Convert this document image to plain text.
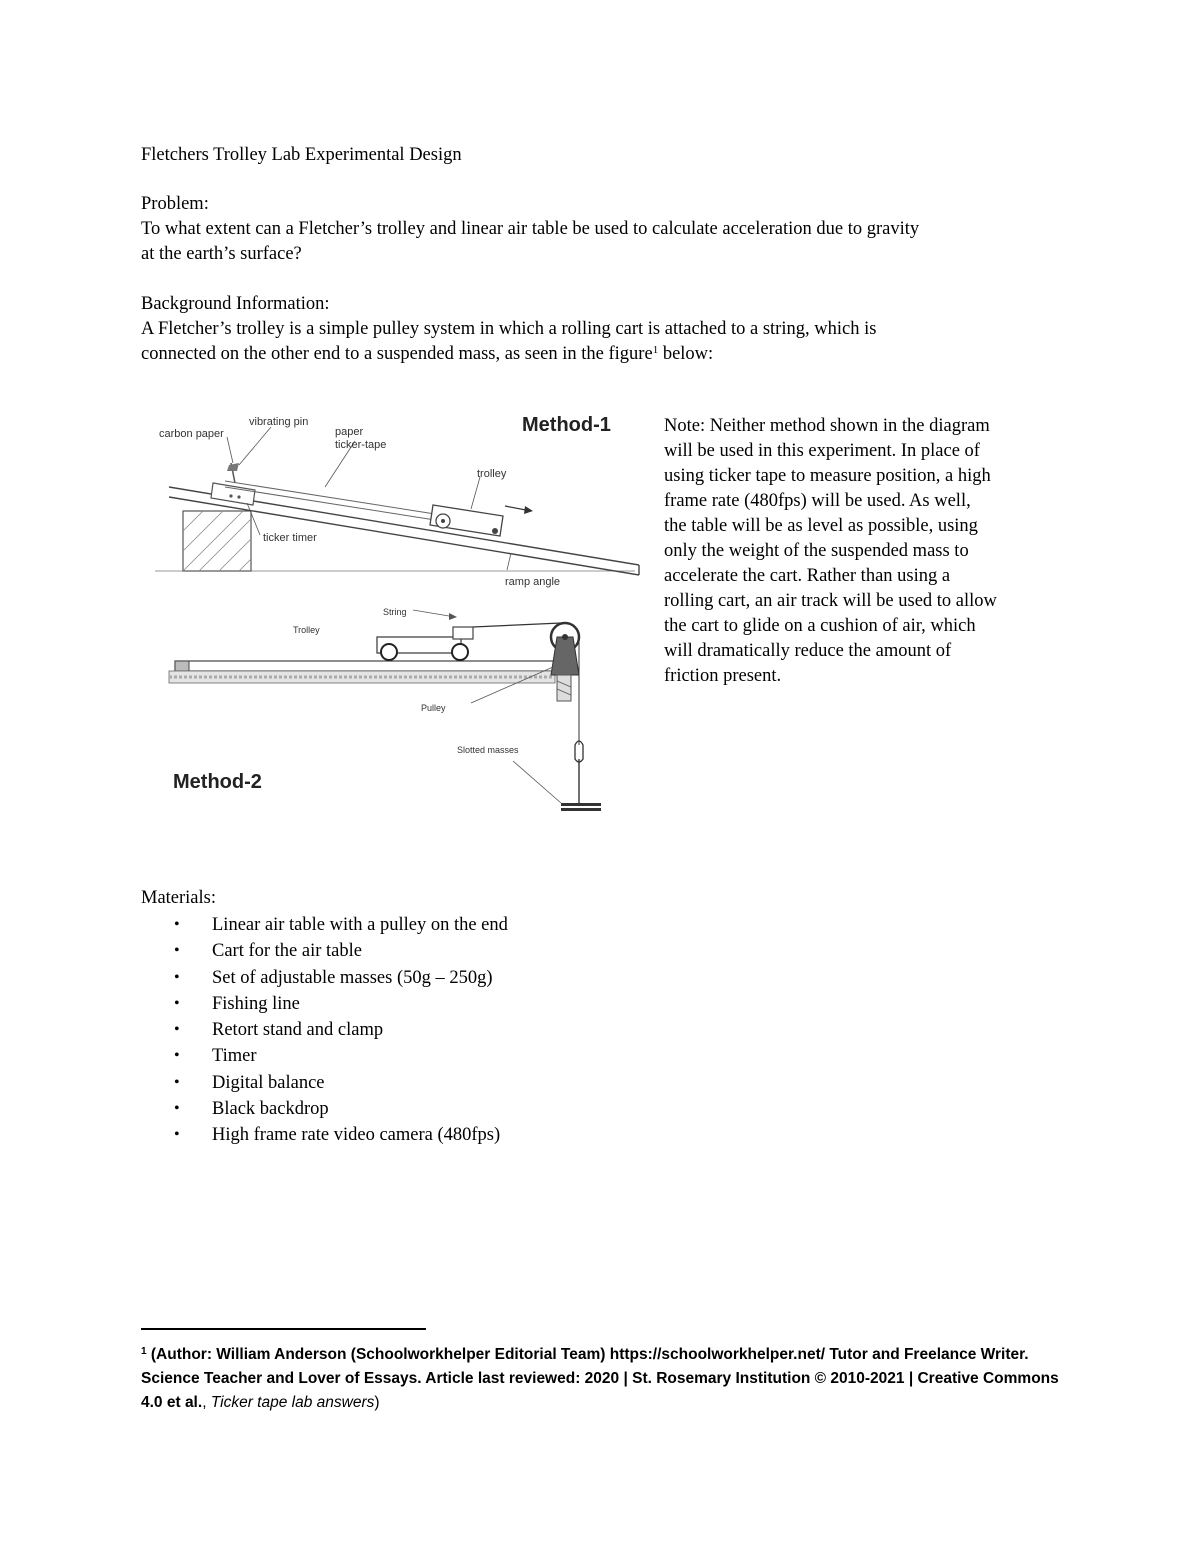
Fletchers Trolley Lab Experimental Design
Problem:
To what extent can a Fletcher’s trolley and linear air table be used to calculate acceleration due to gravity
at the earth’s surface?
Background Information:
A Fletcher’s trolley is a simple pulley system in which a rolling cart is attached to a string, which is
connected on the other end to a suspended mass, as seen in the figure$^1$ below:
Method-1
carbon paper
vibrating pin
paper
ticker-tape
trolley
ticker timer
ramp angle
String
Trolley
Pulley
Slotted masses
Method-2
Note: Neither method shown in the diagram
will be used in this experiment. In place of
using ticker tape to measure position, a high
frame rate (480fps) will be used. As well,
the table will be as level as possible, using
only the weight of the suspended mass to
accelerate the cart. Rather than using a
rolling cart, an air track will be used to allow
the cart to glide on a cushion of air, which
will dramatically reduce the amount of
friction present.
Materials:
• Linear air table with a pulley on the end
• Cart for the air table
• Set of adjustable masses (50g – 250g)
• Fishing line
• Retort stand and clamp
• Timer
• Digital balance
• Black backdrop
• High frame rate video camera (480fps)
$^1$ (Author: William Anderson (Schoolworkhelper Editorial Team) https://schoolworkhelper.net/ Tutor and Freelance Writer. Science Teacher and Lover of Essays. Article last reviewed: 2020 | St. Rosemary Institution © 2010-2021 | Creative Commons 4.0 et al., Ticker tape lab answers)
